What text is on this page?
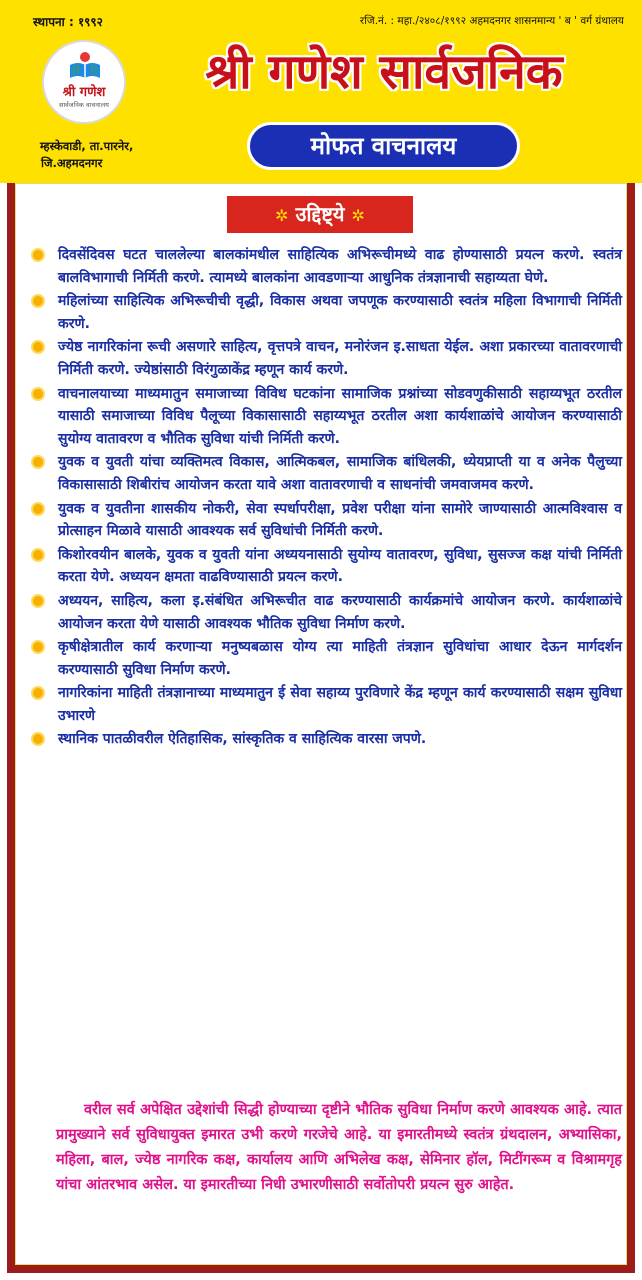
स्थापना : १९९२	रजि.नं. : महा./२४०८/१९९२ अहमदनगर शासनमान्य ' ब ' वर्ग ग्रंथालय
श्री गणेश
सार्वजनिक वाचनालय
श्री गणेश सार्वजनिक
मोफत वाचनालय
म्हस्केवाडी, ता.पारनेर,
जि.अहमदनगर
✲ उद्दिष्ट्ये ✲
दिवसेंदिवस घटत चाललेल्या बालकांमधील साहित्यिक अभिरूचीमध्ये वाढ होण्यासाठी प्रयत्न करणे. स्वतंत्र बालविभागाची निर्मिती करणे. त्यामध्ये बालकांना आवडणाऱ्या आधुनिक तंत्रज्ञानाची सहाय्यता घेणे.
महिलांच्या साहित्यिक अभिरूचीची वृद्धी, विकास अथवा जपणूक करण्यासाठी स्वतंत्र महिला विभागाची निर्मिती करणे.
ज्येष्ठ नागरिकांना रूची असणारे साहित्य, वृत्तपत्रे वाचन, मनोरंजन इ.साधता येईल. अशा प्रकारच्या वातावरणाची निर्मिती करणे. ज्येष्ठांसाठी विरंगुळाकेंद्र म्हणून कार्य करणे.
वाचनालयाच्या माध्यमातुन समाजाच्या विविध घटकांना सामाजिक प्रश्नांच्या सोडवणुकीसाठी सहाय्यभूत ठरतील यासाठी समाजाच्या विविध पैलूच्या विकासासाठी सहाय्यभूत ठरतील अशा कार्यशाळांचे आयोजन करण्यासाठी सुयोग्य वातावरण व भौतिक सुविधा यांची निर्मिती करणे.
युवक व युवती यांचा व्यक्तिमत्व विकास, आत्मिकबल, सामाजिक बांधिलकी, ध्येयप्राप्ती या व अनेक पैलुच्या विकासासाठी शिबीरांच आयोजन करता यावे अशा वातावरणाची व साधनांची जमवाजमव करणे.
युवक व युवतीना शासकीय नोकरी, सेवा स्पर्धापरीक्षा, प्रवेश परीक्षा यांना सामोरे जाण्यासाठी आत्मविश्वास व प्रोत्साहन मिळावे यासाठी आवश्यक सर्व सुविधांची निर्मिती करणे.
किशोरवयीन बालके, युवक व युवती यांना अध्ययनासाठी सुयोग्य वातावरण, सुविधा, सुसज्ज कक्ष यांची निर्मिती करता येणे. अध्ययन क्षमता वाढविण्यासाठी प्रयत्न करणे.
अध्ययन, साहित्य, कला इ.संबंधित अभिरूचीत वाढ करण्यासाठी कार्यक्रमांचे आयोजन करणे. कार्यशाळांचे आयोजन करता येणे यासाठी आवश्यक भौतिक सुविधा निर्माण करणे.
कृषीक्षेत्रातील कार्य करणाऱ्या मनुष्यबळास योग्य त्या माहिती तंत्रज्ञान सुविधांचा आधार देऊन मार्गदर्शन करण्यासाठी सुविधा निर्माण करणे.
नागरिकांना माहिती तंत्रज्ञानाच्या माध्यमातुन ई सेवा सहाय्य पुरविणारे केंद्र म्हणून कार्य करण्यासाठी सक्षम सुविधा उभारणे
स्थानिक पातळीवरील ऐतिहासिक, सांस्कृतिक व साहित्यिक वारसा जपणे.
वरील सर्व अपेक्षित उद्देशांची सिद्धी होण्याच्या दृष्टीने भौतिक सुविधा निर्माण करणे आवश्यक आहे. त्यात प्रामुख्याने सर्व सुविधायुक्त इमारत उभी करणे गरजेचे आहे. या इमारतीमध्ये स्वतंत्र ग्रंथदालन, अभ्यासिका, महिला, बाल, ज्येष्ठ नागरिक कक्ष, कार्यालय आणि अभिलेख कक्ष, सेमिनार हॉल, मिटींगरूम व विश्रामगृह यांचा आंतरभाव असेल. या इमारतीच्या निधी उभारणीसाठी सर्वोतोपरी प्रयत्न सुरु आहेत.
